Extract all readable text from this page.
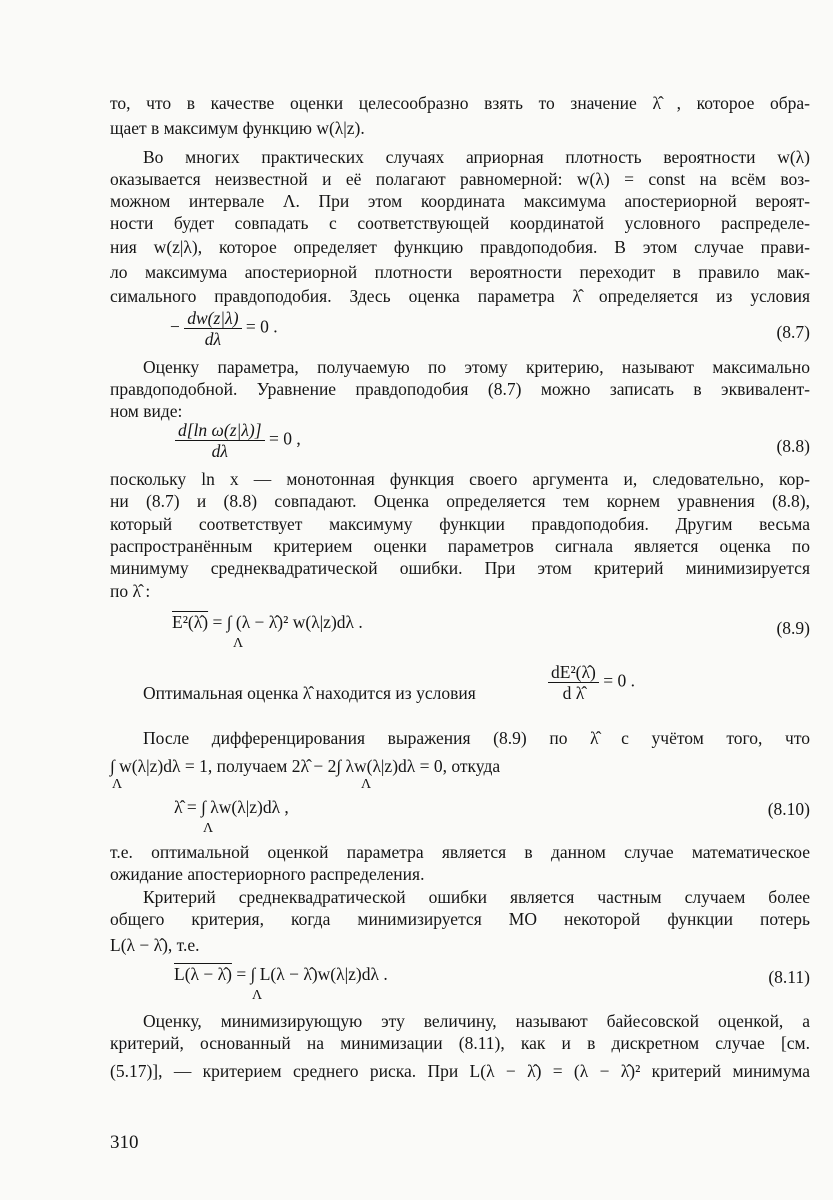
то, что в качестве оценки целесообразно взять то значение λ̂ , которое обра-
щает в максимум функцию w(λ|z).
Во многих практических случаях априорная плотность вероятности w(λ)
оказывается неизвестной и её полагают равномерной: w(λ) = const на всём воз-
можном интервале Λ. При этом координата максимума апостериорной вероят-
ности будет совпадать с соответствующей координатой условного распределе-
ния w(z|λ), которое определяет функцию правдоподобия. В этом случае прави-
ло максимума апостериорной плотности вероятности переходит в правило мак-
симального правдоподобия. Здесь оценка параметра λ̂ определяется из условия
− $\frac{dw(z|\lambda)}{d\lambda} = 0$ .	(8.7)
Оценку параметра, получаемую по этому критерию, называют максимально
правдоподобной. Уравнение правдоподобия (8.7) можно записать в эквивалент-
ном виде:
$\frac{\text{d[ln ω(z|λ)]}}{d\lambda} = 0$ ,	(8.8)
поскольку ln x — монотонная функция своего аргумента и, следовательно, кор-
ни (8.7) и (8.8) совпадают. Оценка определяется тем корнем уравнения (8.8),
который соответствует максимуму функции правдоподобия. Другим весьма
распространённым критерием оценки параметров сигнала является оценка по
минимуму среднеквадратической ошибки. При этом критерий минимизируется
по λ̂ :
E²(λ̂) = ∫ (λ − λ̂)² w(λ|z)dλ .
Λ
(8.9)
Оптимальная оценка λ̂ находится из условия	$\frac{\text{dE²(λ̂)}}{\text{d λ̂}} = 0$ .
После дифференцирования выражения (8.9) по λ̂ с учётом того, что
∫ w(λ|z)dλ = 1, получаем 2λ̂ − 2∫ λw(λ|z)dλ = 0, откуда
Λ	Λ
λ̂ = ∫ λw(λ|z)dλ ,
Λ
(8.10)
т.е. оптимальной оценкой параметра является в данном случае математическое
ожидание апостериорного распределения.
Критерий среднеквадратической ошибки является частным случаем более
общего критерия, когда минимизируется МО некоторой функции потерь
L(λ − λ̂), т.е.
L(λ − λ̂) = ∫ L(λ − λ̂)w(λ|z)dλ .
Λ
(8.11)
Оценку, минимизирующую эту величину, называют байесовской оценкой, а
критерий, основанный на минимизации (8.11), как и в дискретном случае [см.
(5.17)], — критерием среднего риска. При L(λ − λ̂) = (λ − λ̂)² критерий минимума
310
